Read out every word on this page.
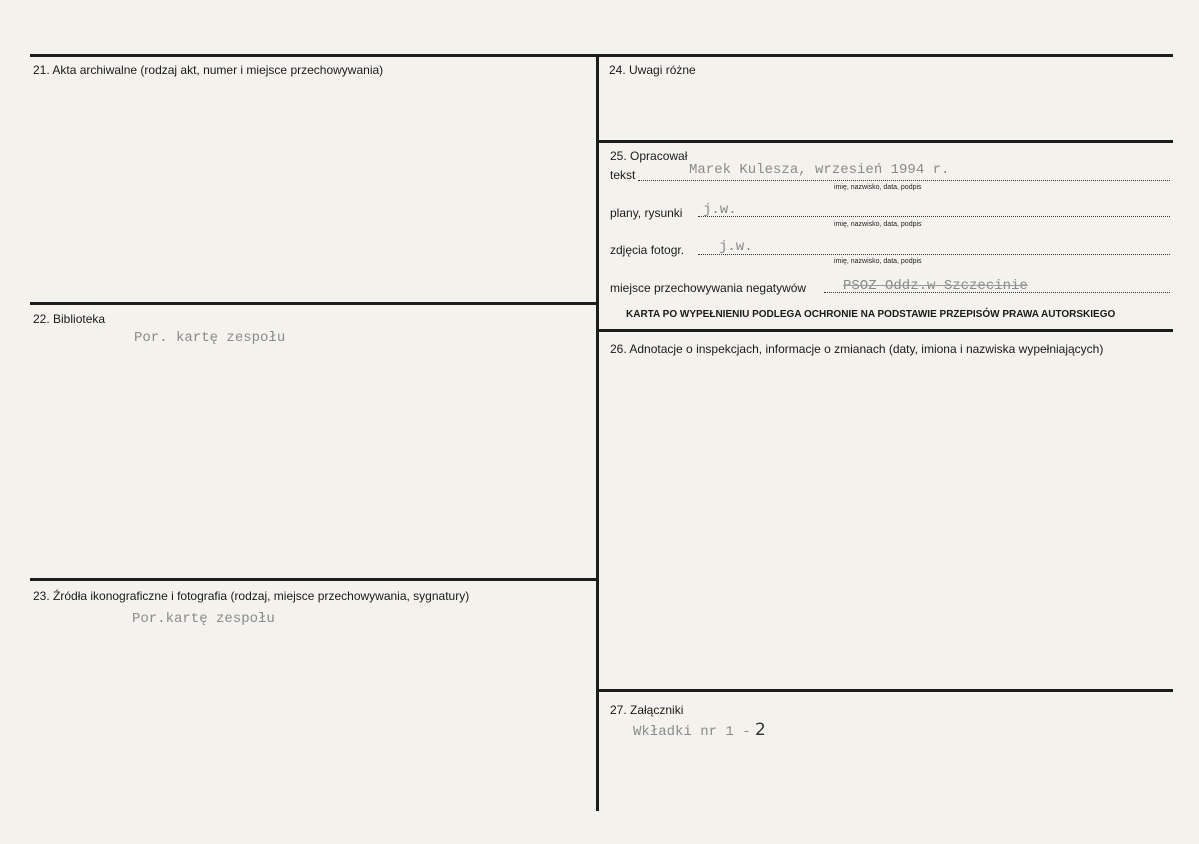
21. Akta archiwalne (rodzaj akt, numer i miejsce przechowywania)
22. Biblioteka
Por. kartę zespołu
23. Źródła ikonograficzne i fotografia (rodzaj, miejsce przechowywania, sygnatury)
Por.kartę zespołu
24. Uwagi różne
25. Opracował
tekst	Marek Kulesza, wrzesień 1994 r.
imię, nazwisko, data, podpis
plany, rysunki j.w.
imię, nazwisko, data, podpis
zdjęcia fotogr. j.w.
imię, nazwisko, data, podpis
miejsce przechowywania negatywów	PSOZ Oddz.w Szczecinie
KARTA PO WYPEŁNIENIU PODLEGA OCHRONIE NA PODSTAWIE PRZEPISÓW PRAWA AUTORSKIEGO
26. Adnotacje o inspekcjach, informacje o zmianach (daty, imiona i nazwiska wypełniających)
27. Załączniki
Wkładki nr 1 - 2
